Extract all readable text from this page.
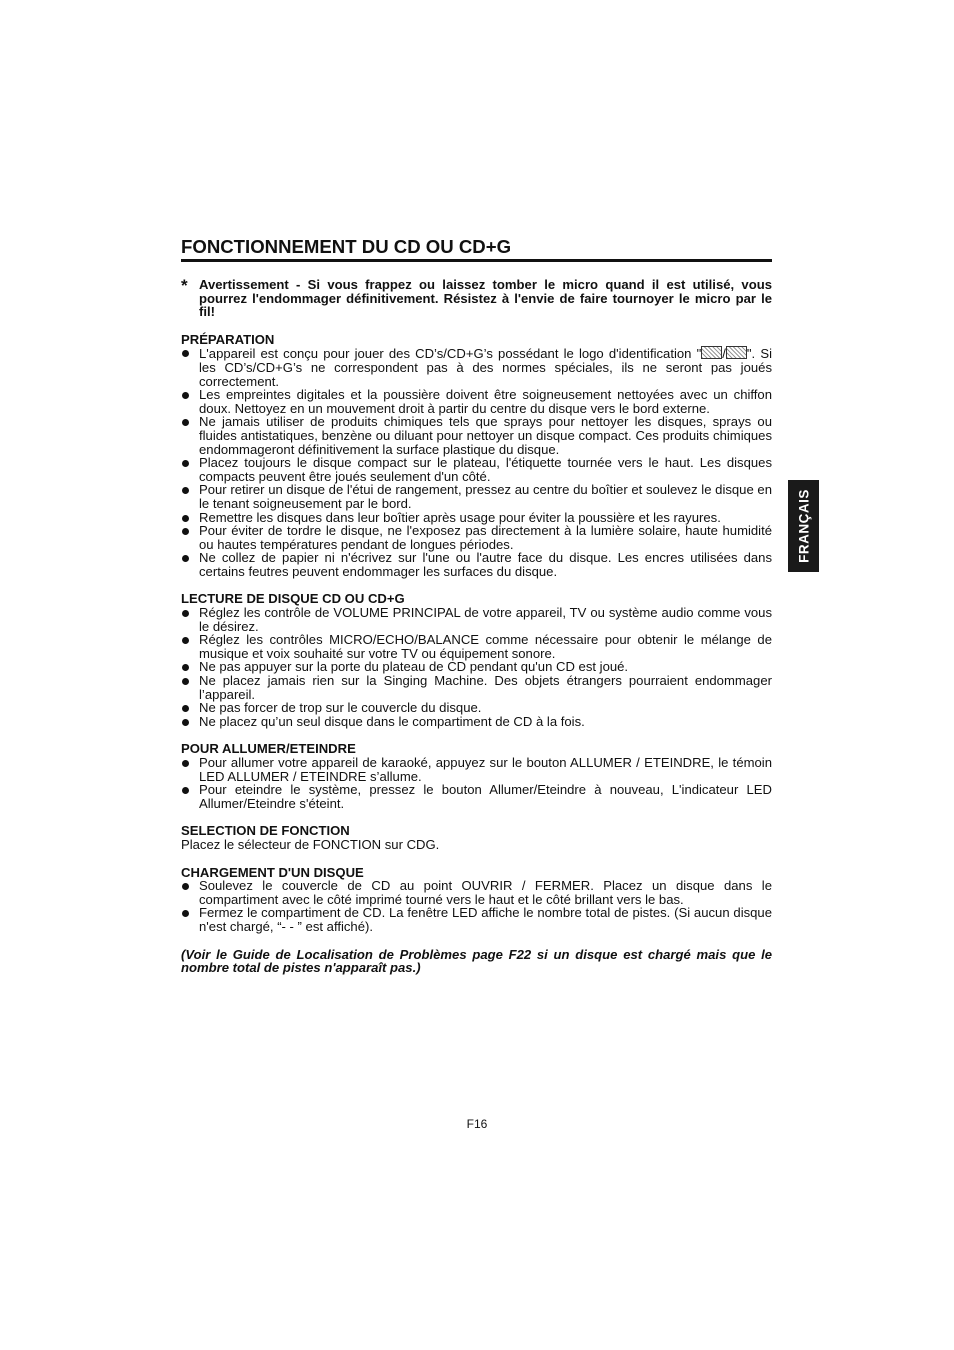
FONCTIONNEMENT DU CD OU CD+G
* Avertissement - Si vous frappez ou laissez tomber le micro quand il est utilisé, vous pourrez l'endommager définitivement. Résistez à l'envie de faire tournoyer le micro par le fil!
PRÉPARATION
L'appareil est conçu pour jouer des CD’s/CD+G’s possédant le logo d'identification " / ". Si les CD’s/CD+G’s ne correspondent pas à des normes spéciales, ils ne seront pas joués correctement.
Les empreintes digitales et la poussière doivent être soigneusement nettoyées avec un chiffon doux. Nettoyez en un mouvement droit à partir du centre du disque vers le bord externe.
Ne jamais utiliser de produits chimiques tels que sprays pour nettoyer les disques, sprays ou fluides antistatiques, benzène ou diluant pour nettoyer un disque compact. Ces produits chimiques endommageront définitivement la surface plastique du disque.
Placez toujours le disque compact sur le plateau, l'étiquette tournée vers le haut. Les disques compacts peuvent être joués seulement d'un côté.
Pour retirer un disque de l'étui de rangement, pressez au centre du boîtier et soulevez le disque en le tenant soigneusement par le bord.
Remettre les disques dans leur boîtier après usage pour éviter la poussière et les rayures.
Pour éviter de tordre le disque, ne l'exposez pas directement à la lumière solaire, haute humidité ou hautes températures pendant de longues périodes.
Ne collez de papier ni n'écrivez sur l'une ou l'autre face du disque. Les encres utilisées dans certains feutres peuvent endommager les surfaces du disque.
LECTURE DE DISQUE CD OU CD+G
Réglez les contrôle de VOLUME PRINCIPAL de votre appareil, TV ou système audio comme vous le désirez.
Réglez les contrôles MICRO/ECHO/BALANCE comme nécessaire pour obtenir le mélange de musique et voix souhaité sur votre TV ou équipement sonore.
Ne pas appuyer sur la porte du plateau de CD pendant qu'un CD est joué.
Ne placez jamais rien sur la Singing Machine. Des objets étrangers pourraient endommager l’appareil.
Ne pas forcer de trop sur le couvercle du disque.
Ne placez qu’un seul disque dans le compartiment de CD à la fois.
POUR ALLUMER/ETEINDRE
Pour allumer votre appareil de karaoké, appuyez sur le bouton ALLUMER / ETEINDRE, le témoin LED ALLUMER / ETEINDRE s’allume.
Pour eteindre le système, pressez le bouton Allumer/Eteindre à nouveau, L'indicateur LED Allumer/Eteindre s'éteint.
SELECTION DE FONCTION
Placez le sélecteur de FONCTION sur CDG.
CHARGEMENT D'UN DISQUE
Soulevez le couvercle de CD au point OUVRIR / FERMER. Placez un disque dans le compartiment avec le côté imprimé tourné vers le haut et le côté brillant vers le bas.
Fermez le compartiment de CD. La fenêtre LED affiche le nombre total de pistes. (Si aucun disque n'est chargé, “- - ” est affiché).
(Voir le Guide de Localisation de Problèmes page F22 si un disque est chargé mais que le nombre total de pistes n'apparaît pas.)
FRANÇAIS
F16
